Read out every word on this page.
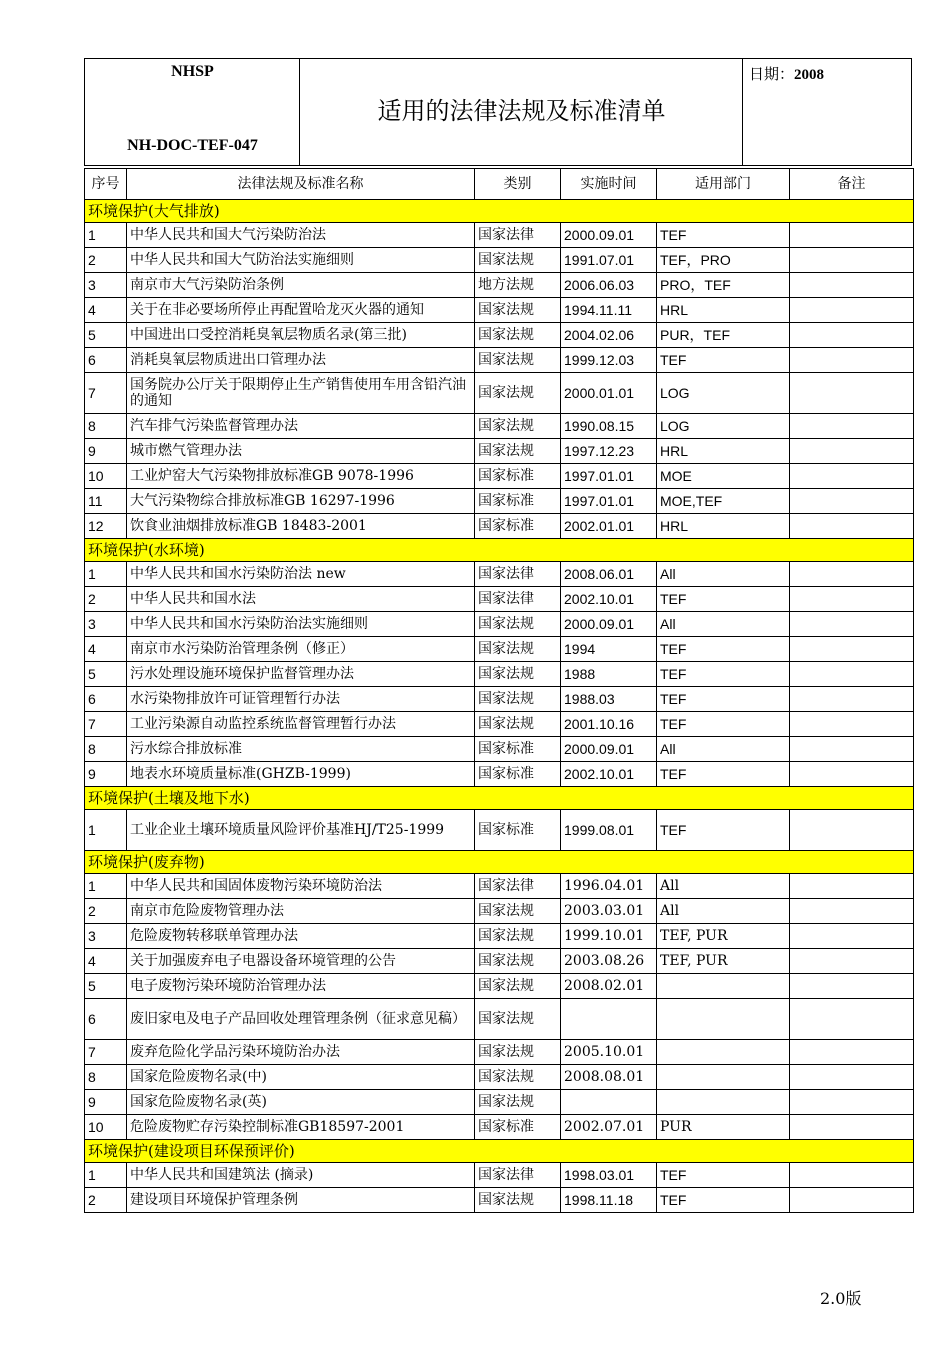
NHSP
NH-DOC-TEF-047
适用的法律法规及标准清单
日期：2008
序号	法律法规及标准名称	类别	实施时间	适用部门	备注
环境保护(大气排放)					
1	中华人民共和国大气污染防治法	国家法律	2000.09.01	TEF	
2	中华人民共和国大气防治法实施细则	国家法规	1991.07.01	TEF，PRO	
3	南京市大气污染防治条例	地方法规	2006.06.03	PRO，TEF	
4	关于在非必要场所停止再配置哈龙灭火器的通知	国家法规	1994.11.11	HRL	
5	中国进出口受控消耗臭氧层物质名录(第三批)	国家法规	2004.02.06	PUR，TEF	
6	消耗臭氧层物质进出口管理办法	国家法规	1999.12.03	TEF	
7	国务院办公厅关于限期停止生产销售使用车用含铅汽油的通知	国家法规	2000.01.01	LOG	
8	汽车排气污染监督管理办法	国家法规	1990.08.15	LOG	
9	城市燃气管理办法	国家法规	1997.12.23	HRL	
10	工业炉窑大气污染物排放标准GB 9078-1996	国家标准	1997.01.01	MOE	
11	大气污染物综合排放标准GB 16297-1996	国家标准	1997.01.01	MOE,TEF	
12	饮食业油烟排放标准GB 18483-2001	国家标准	2002.01.01	HRL	
环境保护(水环境)					
1	中华人民共和国水污染防治法 new	国家法律	2008.06.01	All	
2	中华人民共和国水法	国家法律	2002.10.01	TEF	
3	中华人民共和国水污染防治法实施细则	国家法规	2000.09.01	All	
4	南京市水污染防治管理条例（修正）	国家法规	1994	TEF	
5	污水处理设施环境保护监督管理办法	国家法规	1988	TEF	
6	水污染物排放许可证管理暂行办法	国家法规	1988.03	TEF	
7	工业污染源自动监控系统监督管理暂行办法	国家法规	2001.10.16	TEF	
8	污水综合排放标准	国家标准	2000.09.01	All	
9	地表水环境质量标准(GHZB-1999)	国家标准	2002.10.01	TEF	
环境保护(土壤及地下水)					
1	工业企业土壤环境质量风险评价基准HJ/T25-1999	国家标准	1999.08.01	TEF	
环境保护(废弃物)					
1	中华人民共和国固体废物污染环境防治法	国家法律	1996.04.01	All	
2	南京市危险废物管理办法	国家法规	2003.03.01	All	
3	危险废物转移联单管理办法	国家法规	1999.10.01	TEF, PUR	
4	关于加强废弃电子电器设备环境管理的公告	国家法规	2003.08.26	TEF, PUR	
5	电子废物污染环境防治管理办法	国家法规	2008.02.01		
6	废旧家电及电子产品回收处理管理条例（征求意见稿）	国家法规			
7	废弃危险化学品污染环境防治办法	国家法规	2005.10.01		
8	国家危险废物名录(中)	国家法规	2008.08.01		
9	国家危险废物名录(英)	国家法规			
10	危险废物贮存污染控制标准GB18597-2001	国家标准	2002.07.01	PUR	
环境保护(建设项目环保预评价)					
1	中华人民共和国建筑法 (摘录)	国家法律	1998.03.01	TEF	
2	建设项目环境保护管理条例	国家法规	1998.11.18	TEF	
2.0版
